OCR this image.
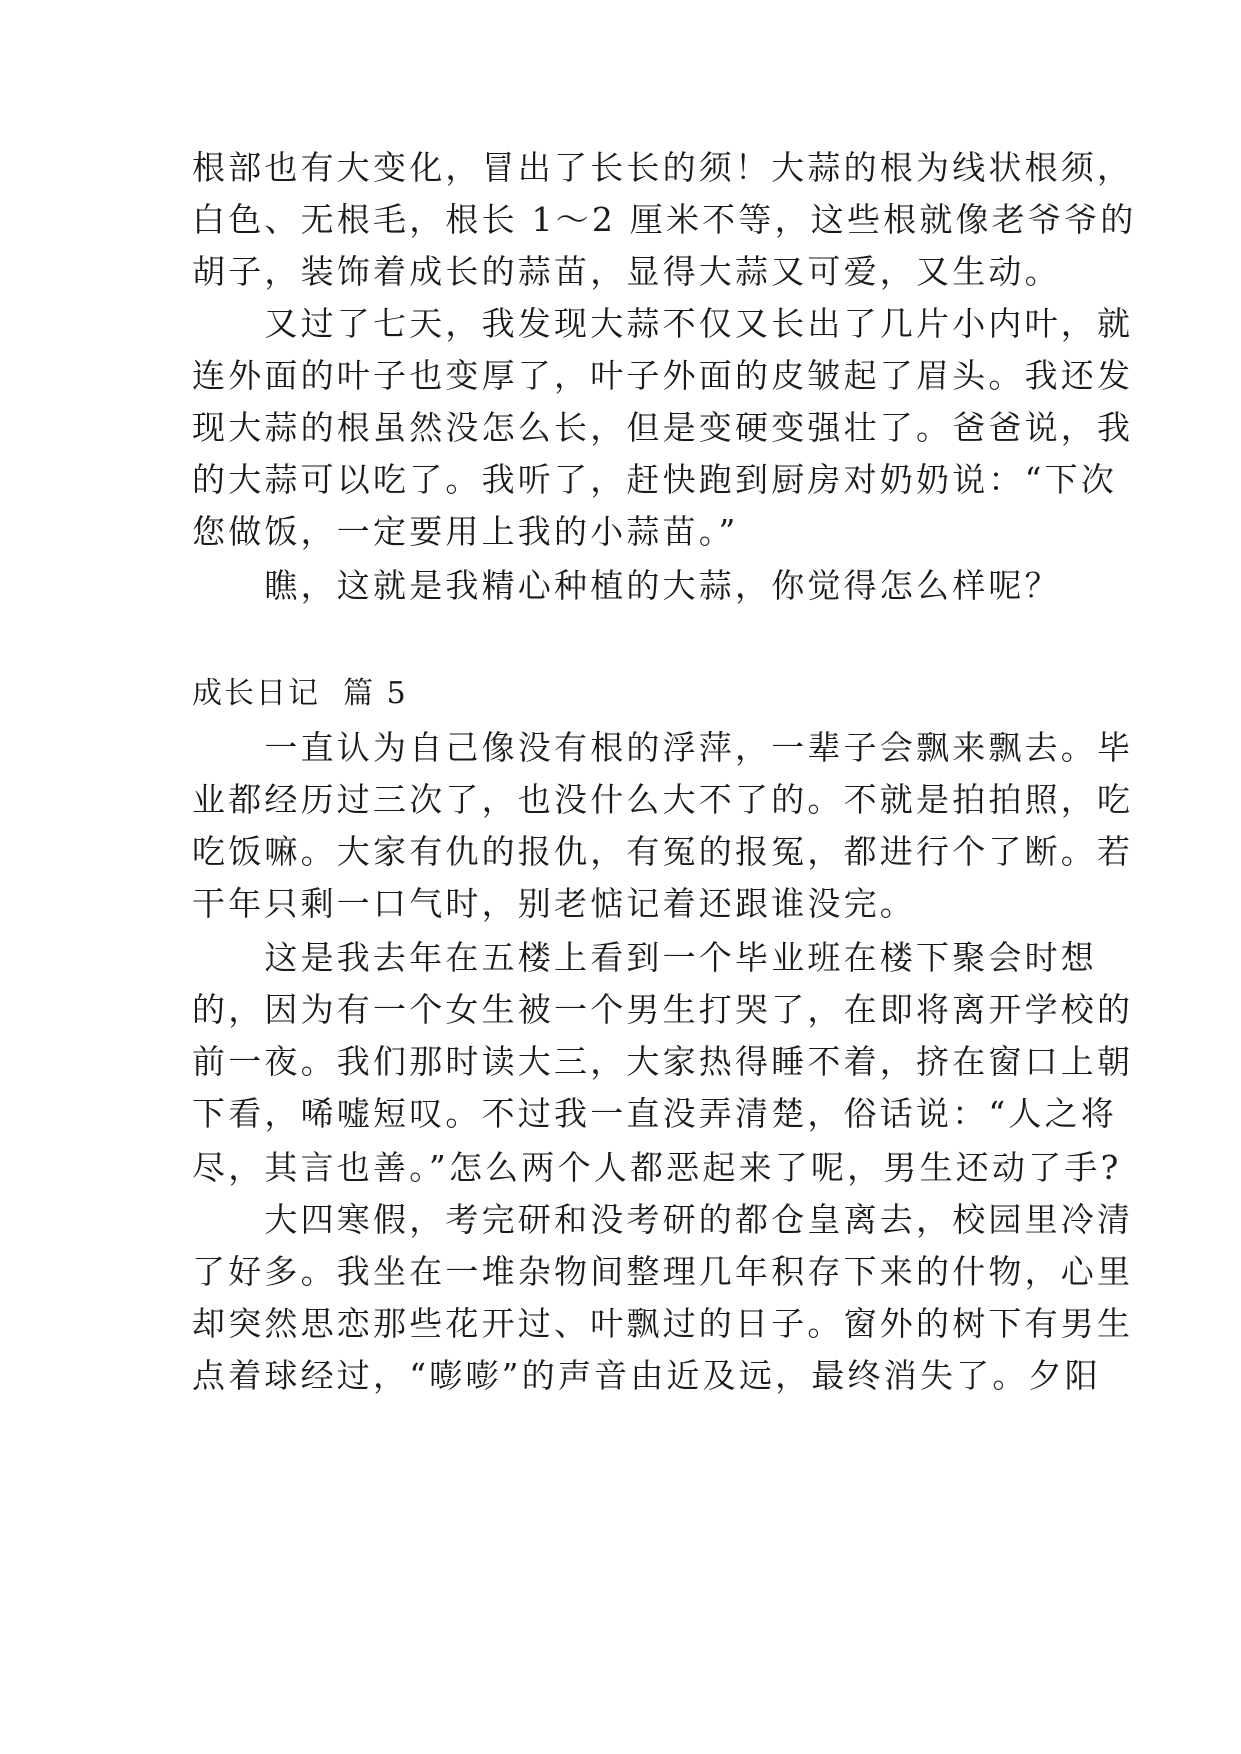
根部也有大变化，冒出了长长的须！大蒜的根为线状根须，
白色、无根毛，根长 1～2 厘米不等，这些根就像老爷爷的
胡子，装饰着成长的蒜苗，显得大蒜又可爱，又生动。
　　又过了七天，我发现大蒜不仅又长出了几片小内叶，就
连外面的叶子也变厚了，叶子外面的皮皱起了眉头。我还发
现大蒜的根虽然没怎么长，但是变硬变强壮了。爸爸说，我
的大蒜可以吃了。我听了，赶快跑到厨房对奶奶说：“下次
您做饭，一定要用上我的小蒜苗。”
　　瞧，这就是我精心种植的大蒜，你觉得怎么样呢？
成长日记  篇 5
　　一直认为自己像没有根的浮萍，一辈子会飘来飘去。毕
业都经历过三次了，也没什么大不了的。不就是拍拍照，吃
吃饭嘛。大家有仇的报仇，有冤的报冤，都进行个了断。若
干年只剩一口气时，别老惦记着还跟谁没完。
　　这是我去年在五楼上看到一个毕业班在楼下聚会时想
的，因为有一个女生被一个男生打哭了，在即将离开学校的
前一夜。我们那时读大三，大家热得睡不着，挤在窗口上朝
下看，唏嘘短叹。不过我一直没弄清楚，俗话说：“人之将
尽，其言也善。”怎么两个人都恶起来了呢，男生还动了手?
　　大四寒假，考完研和没考研的都仓皇离去，校园里冷清
了好多。我坐在一堆杂物间整理几年积存下来的什物，心里
却突然思恋那些花开过、叶飘过的日子。窗外的树下有男生
点着球经过，“嘭嘭”的声音由近及远，最终消失了。夕阳
